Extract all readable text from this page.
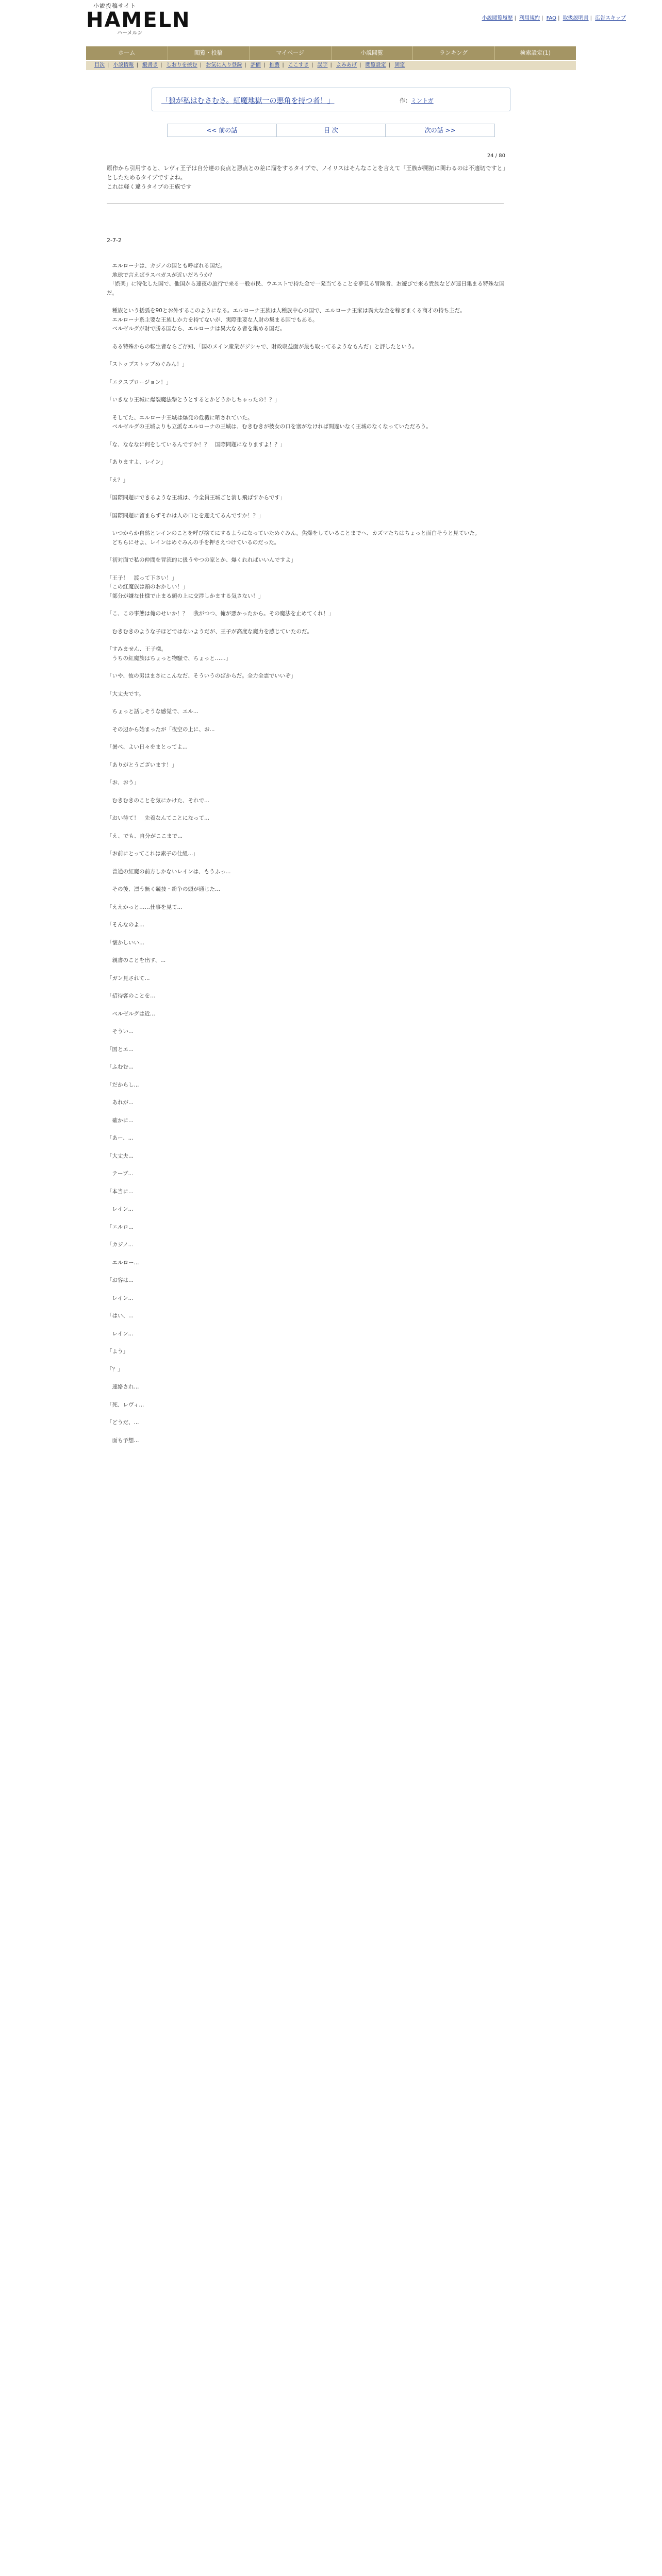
小説投稿サイト
HAMELN
ハーメルン
小説閲覧履歴 | 利用規約 | FAQ | 取扱説明書 | 広告スキップ
ホーム	閲覧・投稿	マイページ	小説閲覧	ランキング	検索設定(1)
目次 | 小説情報 | 縦書き | しおりを挟む | お気に入り登録 | 評価 | 推薦 | ここすき | 誤字 | よみあげ | 閲覧設定 | 固定
「狼が私はむさむさ。紅魔地獄一の悪角を持つ者！」	作：ミントガ
<< 前の話	目 次	次の話 >>
24 / 80
原作から引用すると、レヴィ王子は自分達の良点と悪点との差に溜をするタイプで、ノイリスはそんなことを言えて「王族が開拓に関わるのは不適切ですと」としたためるタイプですよね。
これは軽く違うタイプの王族です
2-7-2

　エルローナは、カジノの国とも呼ばれる国だ。
　地球で言えばラスベガスが近いだろうか？
　「娯楽」に特化した国で、他国から連夜の旅行で来る一般市民、ウエストで持た金で一発当てることを夢見る冒険者、お遊びで来る貴族などが連日集まる特殊な国だ。

　種族という括弧を90とお外するこのようになる。エルローナ王族は人種族中心の国で、エルローナ王家は異大な金を稼ぎまくる商才の持ち主だ。
　エルローナ系主要な王族しか力を持てないが、実際重要な人財の集まる国でもある。
　ベルゼルグが財で勝る国なら、エルローナは異大なる者を集める国だ。

　ある特殊からの転生者ならご存知、「国のメイン産業がジシャで、財政収益面が最も取ってるようなもんだ」と評したという。

「ストップストップめぐみん！」

「エクスプロージョン！」

「いきなり王城に爆裂魔法撃とうとするとかどうかしちゃったの！？」

　そしてた、エルローナ王城は爆発の危機に晒されていた。
　ベルゼルグの王城よりも立派なエルローナの王城は、むきむきが彼女の口を塞がなければ間違いなく王城のなくなっていただろう。

「な、なななに何をしているんですか！？　国際問題になりますよ！？」

「ありますよ、レイン」

「え？」

「国際問題にできるような王城は、今全員王城ごと消し飛ばすからです」

「国際問題に留まらずそれは人の口とを迎えてるんですか！？」

　いつからか自然とレインのことを呼び捨てにするようになっていためぐみん。焦燥をしていることまでへ、カズマたちはちょっと面白そうと見ていた。
　どちらにせよ、レインはめぐみんの手を押さえつけているのだった。

「初対面で私の仲間を冒涜的に扱うやつの家とか、爆くれればいいんですよ」

「王子！　渡って下さい！」
「この紅魔族は頭のおかしい！」
「部分が嫌な仕様で止まる頭の上に交渉しかまする気さない！」

「こ、この事態は俺のせいか！？　我がつつ、俺が悪かったから。その魔法を止めてくれ！」

　むきむきのような子ほどではないようだが、王子が高度な魔力を感じていたのだ。

「すみません、王子様。
　うちの紅魔族はちょっと物騒で、ちょっと……」

「いや、彼の男はまさにこんなだ、そういうのばからだ。全力全霊でいいぞ」

「大丈夫です。

　ちょっと話しそうな感覚で、エル...

　その辺から始まったが「夜空の上に、お...

「暑べ、よい日々をまとってよ...

「ありがとうございます！」

「お、おう」

　むきむきのことを気にかけた、それで...

「おい待て！　先着なんてことになって...

「え、でも、自分がここまで...

「お前にとってこれは素子の仕組...」

　普通の紅魔の前方しかないレインは、もうふっ...

　その後、漂う無く競技・紛争の頭が通じた...

「ええかっと……仕事を見て...

「そんなのよ...

「懐かしいい...

　親書のことを出す、...

「ガン見されて...

「招待客のことを...

　ベルゼルグは近...

　そうい...

「国とエ...

「ふむむ...

「だからし...

　あれが...

　確かに...

「あー、...

「大丈夫...

　テーブ...

「本当に...

　レイン...

「エルロ...

「カジノ...

　エルロー...

「お客は...

　レイン...

「はい、...

　レイン...

「よう」

「？」

　連絡され...

「死、レヴィ...

「どうだ、...

　面も予想...
